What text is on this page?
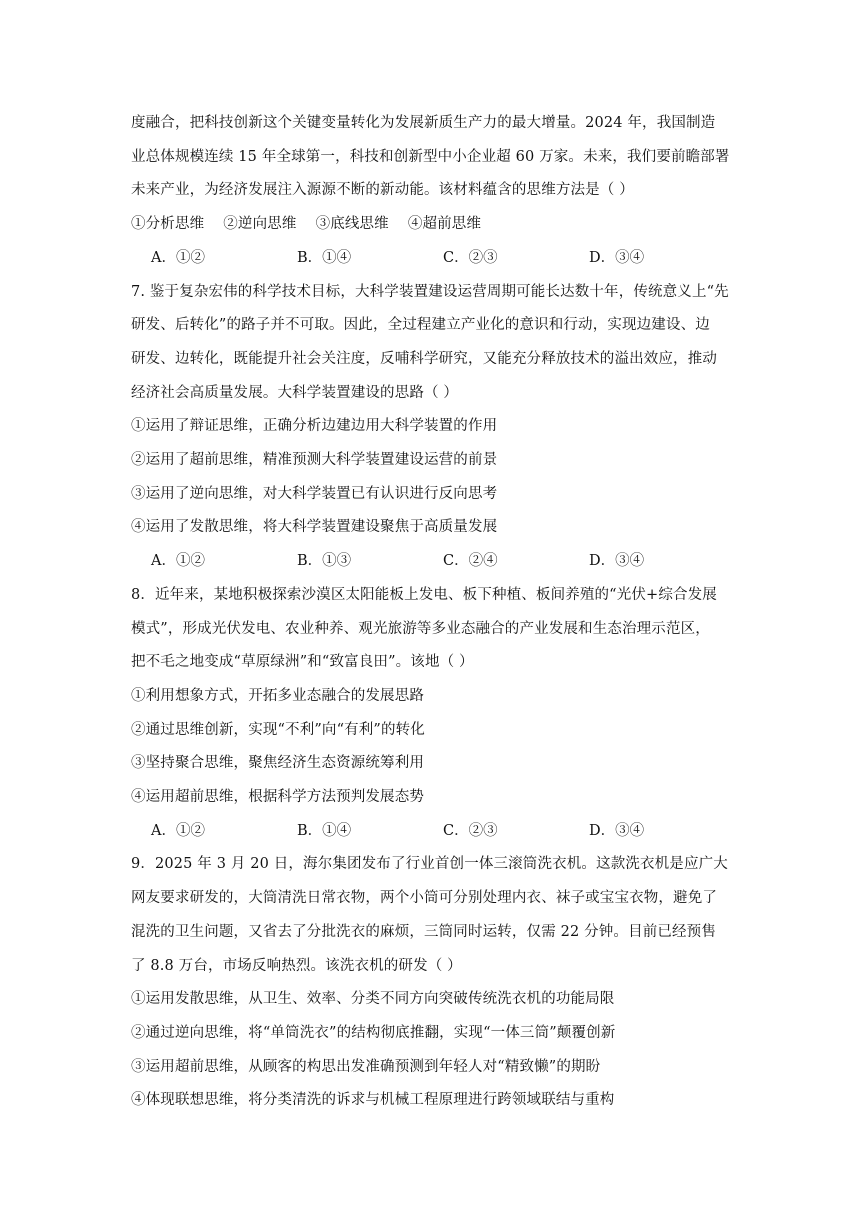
度融合，把科技创新这个关键变量转化为发展新质生产力的最大增量。2024 年，我国制造
业总体规模连续 15 年全球第一，科技和创新型中小企业超 60 万家。未来，我们要前瞻部署
未来产业，为经济发展注入源源不断的新动能。该材料蕴含的思维方法是（ ）
①分析思维    ②逆向思维    ③底线思维    ④超前思维
A．①②	B．①④	C．②③	D．③④
7. 鉴于复杂宏伟的科学技术目标，大科学装置建设运营周期可能长达数十年，传统意义上“先
研发、后转化”的路子并不可取。因此，全过程建立产业化的意识和行动，实现边建设、边
研发、边转化，既能提升社会关注度，反哺科学研究，又能充分释放技术的溢出效应，推动
经济社会高质量发展。大科学装置建设的思路（ ）
①运用了辩证思维，正确分析边建边用大科学装置的作用
②运用了超前思维，精准预测大科学装置建设运营的前景
③运用了逆向思维，对大科学装置已有认识进行反向思考
④运用了发散思维，将大科学装置建设聚焦于高质量发展
A．①②	B．①③	C．②④	D．③④
8．近年来，某地积极探索沙漠区太阳能板上发电、板下种植、板间养殖的“光伏+综合发展
模式”，形成光伏发电、农业种养、观光旅游等多业态融合的产业发展和生态治理示范区，
把不毛之地变成“草原绿洲”和“致富良田”。该地（ ）
①利用想象方式，开拓多业态融合的发展思路
②通过思维创新，实现“不利”向“有利”的转化
③坚持聚合思维，聚焦经济生态资源统筹利用
④运用超前思维，根据科学方法预判发展态势
A．①②	B．①④	C．②③	D．③④
9．2025 年 3 月 20 日，海尔集团发布了行业首创一体三滚筒洗衣机。这款洗衣机是应广大
网友要求研发的，大筒清洗日常衣物，两个小筒可分别处理内衣、袜子或宝宝衣物，避免了
混洗的卫生问题，又省去了分批洗衣的麻烦，三筒同时运转，仅需 22 分钟。目前已经预售
了 8.8 万台，市场反响热烈。该洗衣机的研发（ ）
①运用发散思维，从卫生、效率、分类不同方向突破传统洗衣机的功能局限
②通过逆向思维，将“单筒洗衣”的结构彻底推翻，实现“一体三筒”颠覆创新
③运用超前思维，从顾客的构思出发准确预测到年轻人对“精致懒”的期盼
④体现联想思维，将分类清洗的诉求与机械工程原理进行跨领域联结与重构
